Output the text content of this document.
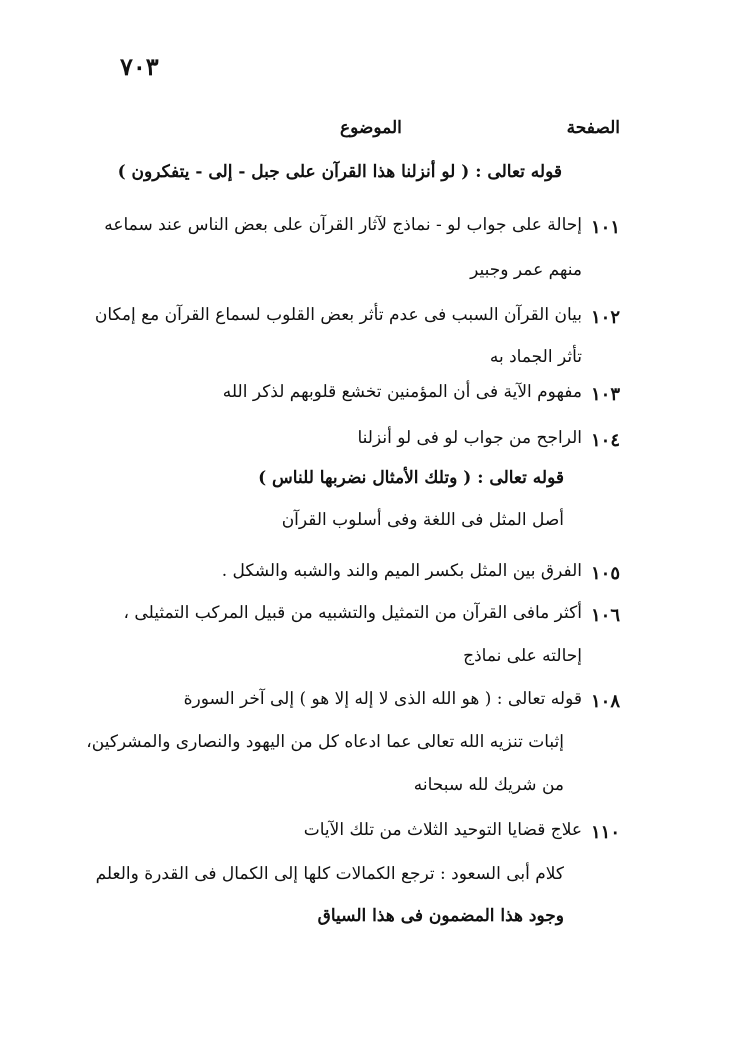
٧٠٣
الصفحة
الموضوع
قوله تعالى : ( لو أنزلنا هذا القرآن على جبل - إلى - يتفكرون )
١٠١
إحالة على جواب لو - نماذج لآثار القرآن على بعض الناس عند سماعه
منهم عمر وجبير
١٠٢
بيان القرآن السبب فى عدم تأثر بعض القلوب لسماع القرآن مع إمكان
تأثر الجماد به
١٠٣
مفهوم الآية فى أن المؤمنين تخشع قلوبهم لذكر الله
١٠٤
الراجح من جواب لو فى لو أنزلنا
قوله تعالى : ( وتلك الأمثال نضربها للناس )
أصل المثل فى اللغة وفى أسلوب القرآن
١٠٥
الفرق بين المثل بكسر الميم والند والشبه والشكل .
١٠٦
أكثر مافى القرآن من التمثيل والتشبيه من قبيل المركب التمثيلى ،
إحالته على نماذج
١٠٨
قوله تعالى : ( هو الله الذى لا إله إلا هو ) إلى آخر السورة
إثبات تنزيه الله تعالى عما ادعاه كل من اليهود والنصارى والمشركين،
من شريك لله سبحانه
١١٠
علاج قضايا التوحيد الثلاث من تلك الآيات
كلام أبى السعود : ترجع الكمالات كلها إلى الكمال فى القدرة والعلم
وجود هذا المضمون فى هذا السياق
